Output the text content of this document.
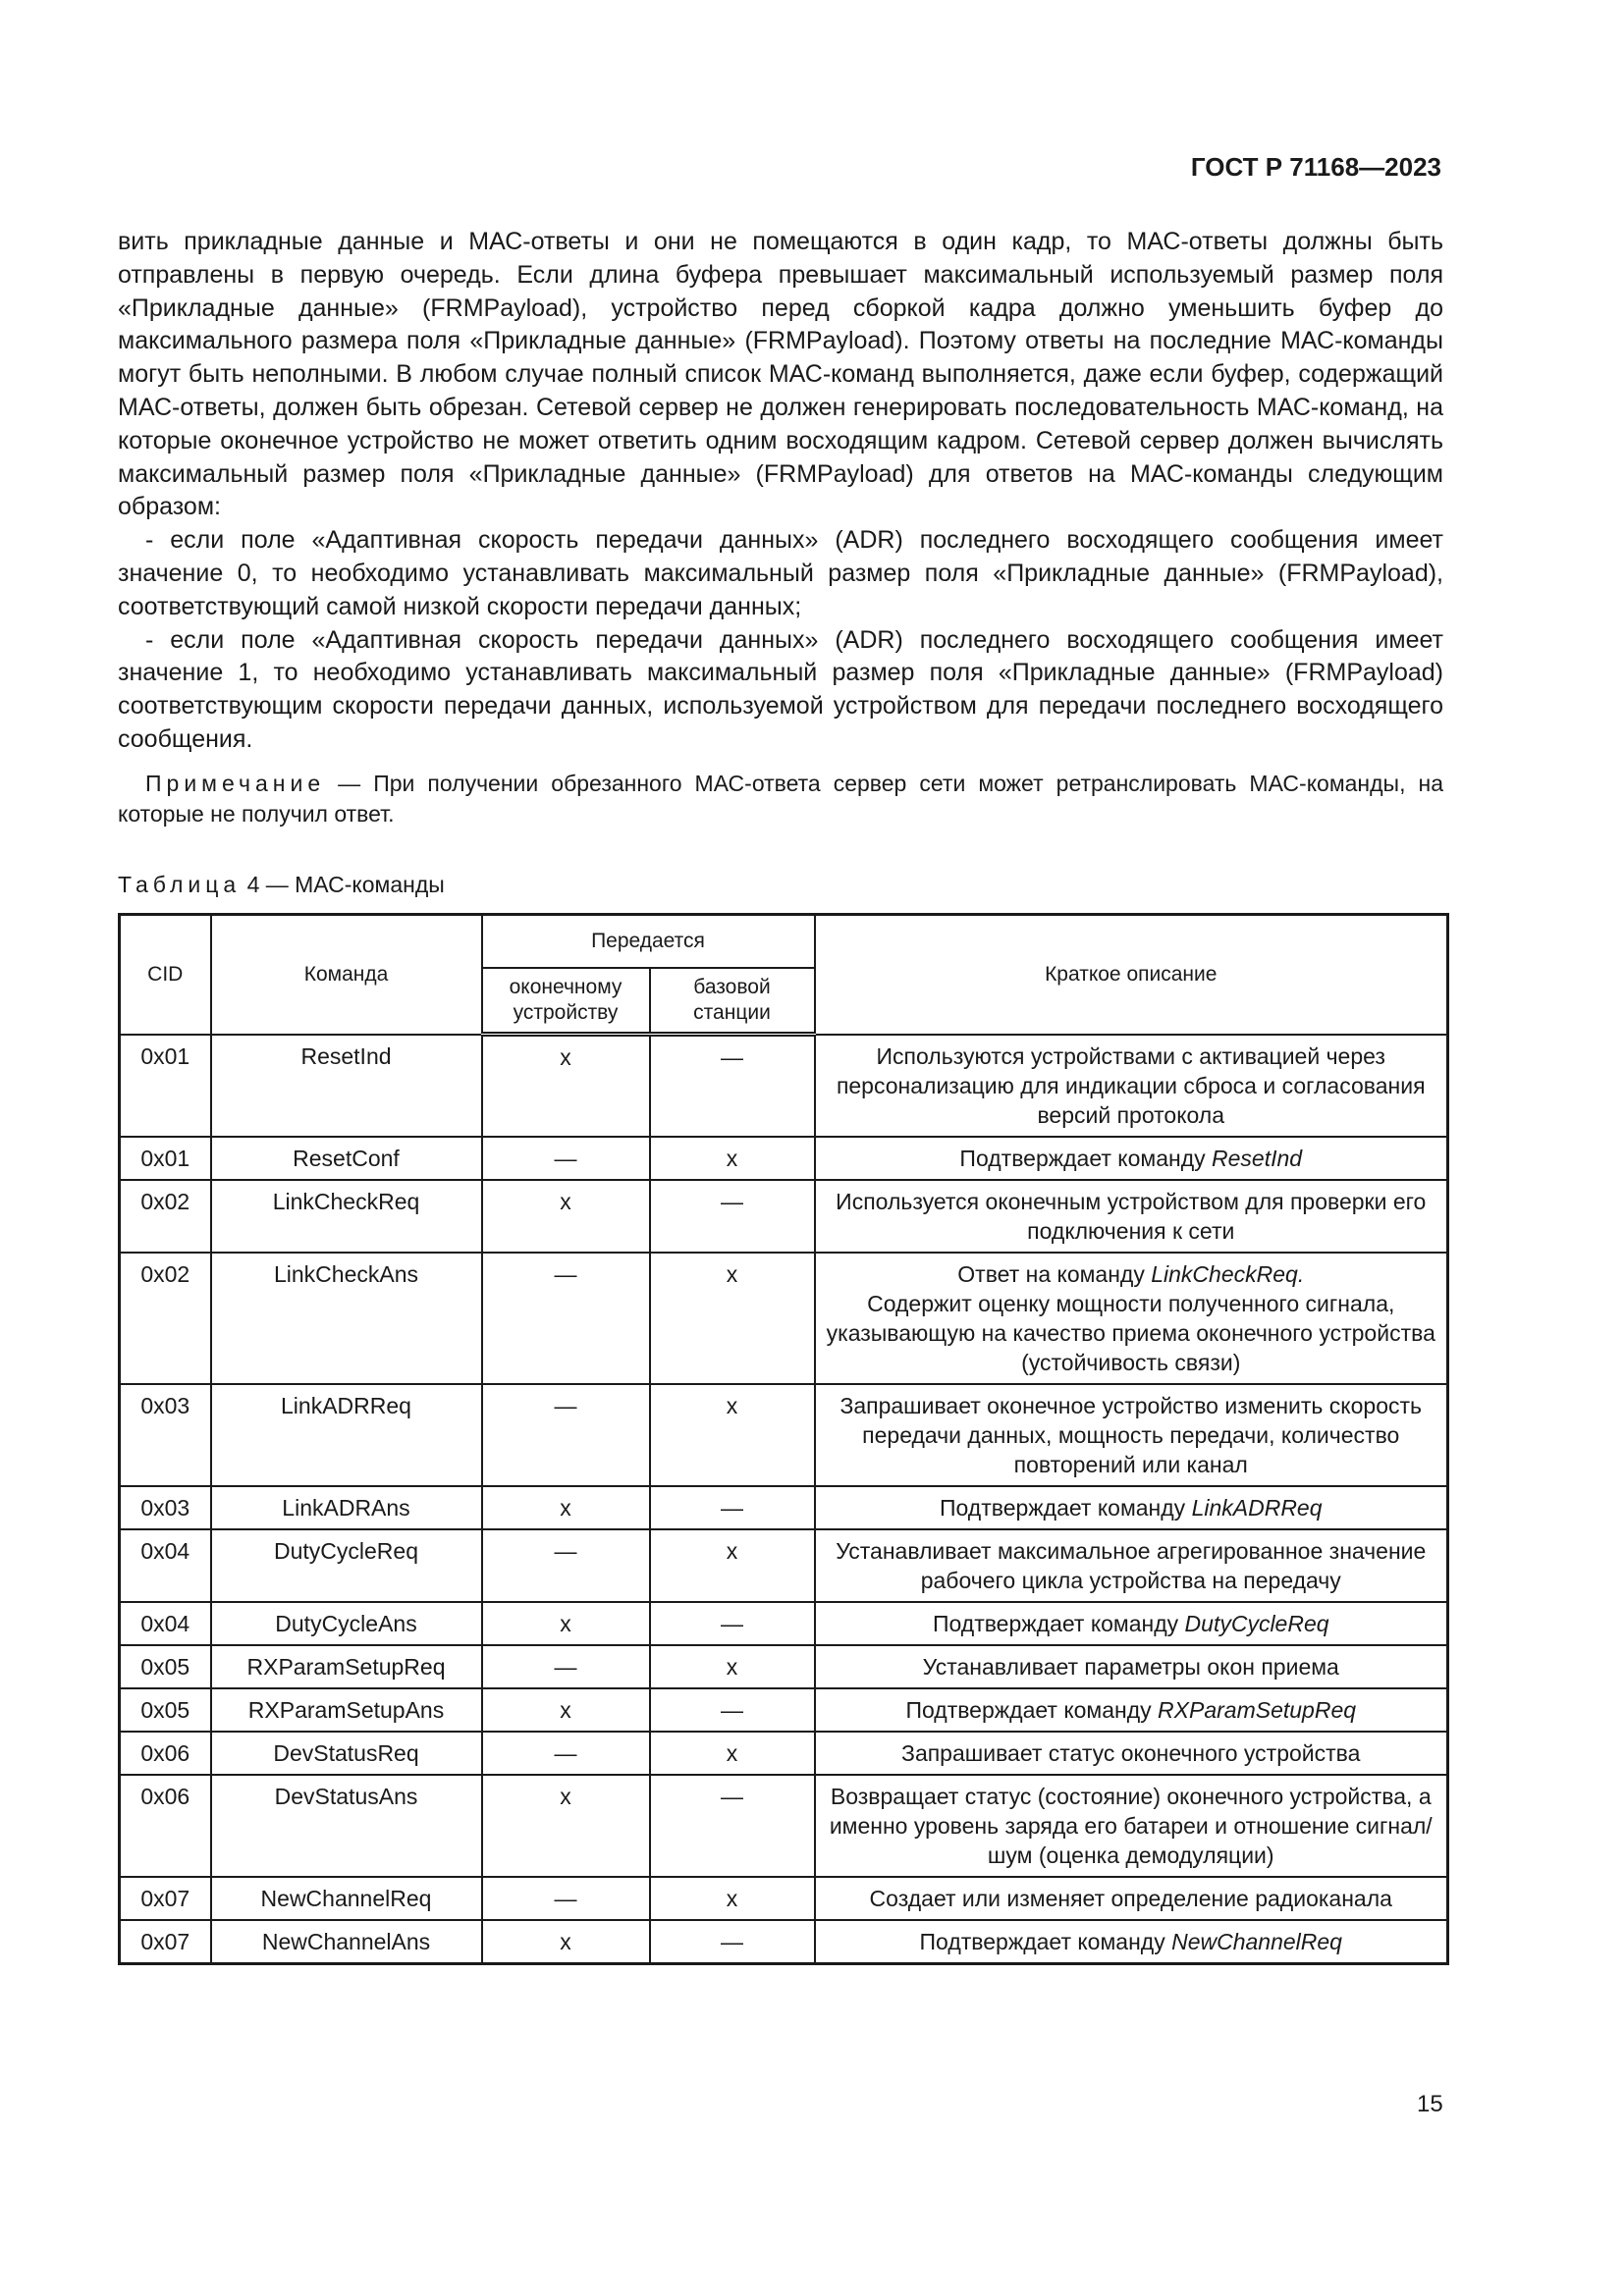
ГОСТ Р 71168—2023

вить прикладные данные и МАС-ответы и они не помещаются в один кадр, то МАС-ответы должны быть отправлены в первую очередь. Если длина буфера превышает максимальный используемый размер поля «Прикладные данные» (FRMPayload), устройство перед сборкой кадра должно уменьшить буфер до максимального размера поля «Прикладные данные» (FRMPayload). Поэтому ответы на последние МАС-команды могут быть неполными. В любом случае полный список МАС-команд выполняется, даже если буфер, содержащий МАС-ответы, должен быть обрезан. Сетевой сервер не должен генерировать последовательность МАС-команд, на которые оконечное устройство не может ответить одним восходящим кадром. Сетевой сервер должен вычислять максимальный размер поля «Прикладные данные» (FRMPayload) для ответов на МАС-команды следующим образом:

- если поле «Адаптивная скорость передачи данных» (ADR) последнего восходящего сообщения имеет значение 0, то необходимо устанавливать максимальный размер поля «Прикладные данные» (FRMPayload), соответствующий самой низкой скорости передачи данных;

- если поле «Адаптивная скорость передачи данных» (ADR) последнего восходящего сообщения имеет значение 1, то необходимо устанавливать максимальный размер поля «Прикладные данные» (FRMPayload) соответствующим скорости передачи данных, используемой устройством для передачи последнего восходящего сообщения.

Примечание — При получении обрезанного МАС-ответа сервер сети может ретранслировать МАС-команды, на которые не получил ответ.

Таблица 4 — МАС-команды
CID	Команда	Передается		Краткое описание
		оконечному устройству	базовой станции	
0x01	ResetInd	x	—	Используются устройствами с активацией через персонализацию для индикации сброса и согласования версий протокола
0x01	ResetConf	—	x	Подтверждает команду ResetInd
0x02	LinkCheckReq	x	—	Используется оконечным устройством для проверки его подключения к сети
0x02	LinkCheckAns	—	x	Ответ на команду LinkCheckReq.
Содержит оценку мощности полученного сигнала, указывающую на качество приема оконечного устройства (устойчивость связи)
0x03	LinkADRReq	—	x	Запрашивает оконечное устройство изменить скорость передачи данных, мощность передачи, количество повторений или канал
0x03	LinkADRAns	x	—	Подтверждает команду LinkADRReq
0x04	DutyCycleReq	—	x	Устанавливает максимальное агрегированное значение рабочего цикла устройства на передачу
0x04	DutyCycleAns	x	—	Подтверждает команду DutyCycleReq
0x05	RXParamSetupReq	—	x	Устанавливает параметры окон приема
0x05	RXParamSetupAns	x	—	Подтверждает команду RXParamSetupReq
0x06	DevStatusReq	—	x	Запрашивает статус оконечного устройства
0x06	DevStatusAns	x	—	Возвращает статус (состояние) оконечного устройства, а именно уровень заряда его батареи и отношение сигнал/шум (оценка демодуляции)
0x07	NewChannelReq	—	x	Создает или изменяет определение радиоканала
0x07	NewChannelAns	x	—	Подтверждает команду NewChannelReq
15
